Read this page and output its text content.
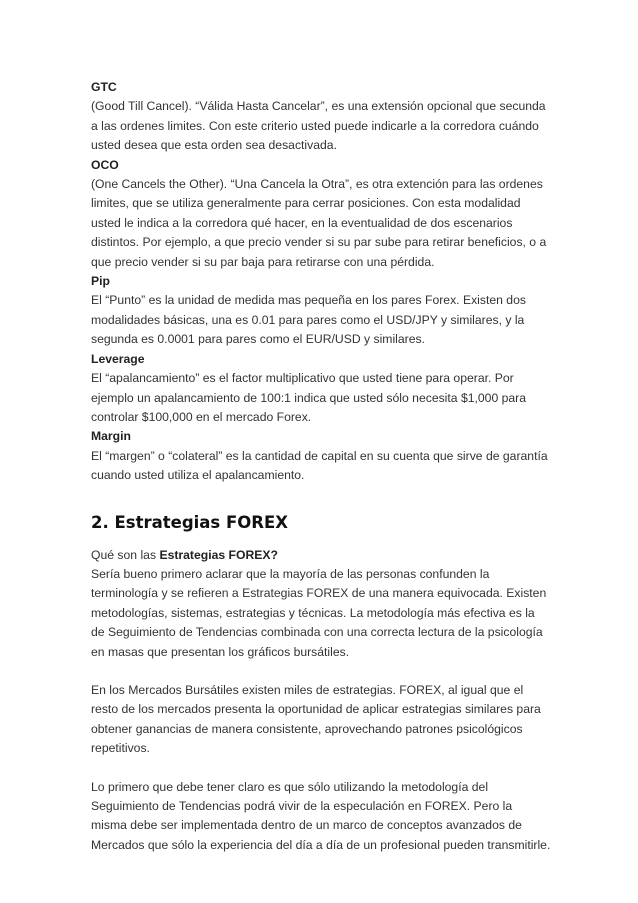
GTC

(Good Till Cancel). “Válida Hasta Cancelar”, es una extensión opcional que secunda a las ordenes limites. Con este criterio usted puede indicarle a la corredora cuándo usted desea que esta orden sea desactivada.

OCO

(One Cancels the Other). “Una Cancela la Otra”, es otra extención para las ordenes limites, que se utiliza generalmente para cerrar posiciones. Con esta modalidad usted le indica a la corredora qué hacer, en la eventualidad de dos escenarios distintos. Por ejemplo, a que precio vender si su par sube para retirar beneficios, o a que precio vender si su par baja para retirarse con una pérdida.

Pip

El “Punto” es la unidad de medida mas pequeña en los pares Forex. Existen dos modalidades básicas, una es 0.01 para pares como el USD/JPY y similares, y la segunda es 0.0001 para pares como el EUR/USD y similares.

Leverage

El “apalancamiento” es el factor multiplicativo que usted tiene para operar. Por ejemplo un apalancamiento de 100:1 indica que usted sólo necesita $1,000 para controlar $100,000 en el mercado Forex.

Margin

El “margen” o “colateral” es la cantidad de capital en su cuenta que sirve de garantía cuando usted utiliza el apalancamiento.

2. Estrategias FOREX

Qué son las Estrategias FOREX?

Sería bueno primero aclarar que la mayoría de las personas confunden la terminología y se refieren a Estrategias FOREX de una manera equivocada. Existen metodologías, sistemas, estrategias y técnicas. La metodología más efectiva es la de Seguimiento de Tendencias combinada con una correcta lectura de la psicología en masas que presentan los gráficos bursátiles.

En los Mercados Bursátiles existen miles de estrategias. FOREX, al igual que el resto de los mercados presenta la oportunidad de aplicar estrategias similares para obtener ganancias de manera consistente, aprovechando patrones psicológicos repetitivos.

Lo primero que debe tener claro es que sólo utilizando la metodología del Seguimiento de Tendencias podrá vivir de la especulación en FOREX. Pero la misma debe ser implementada dentro de un marco de conceptos avanzados de Mercados que sólo la experiencia del día a día de un profesional pueden transmitirle.
